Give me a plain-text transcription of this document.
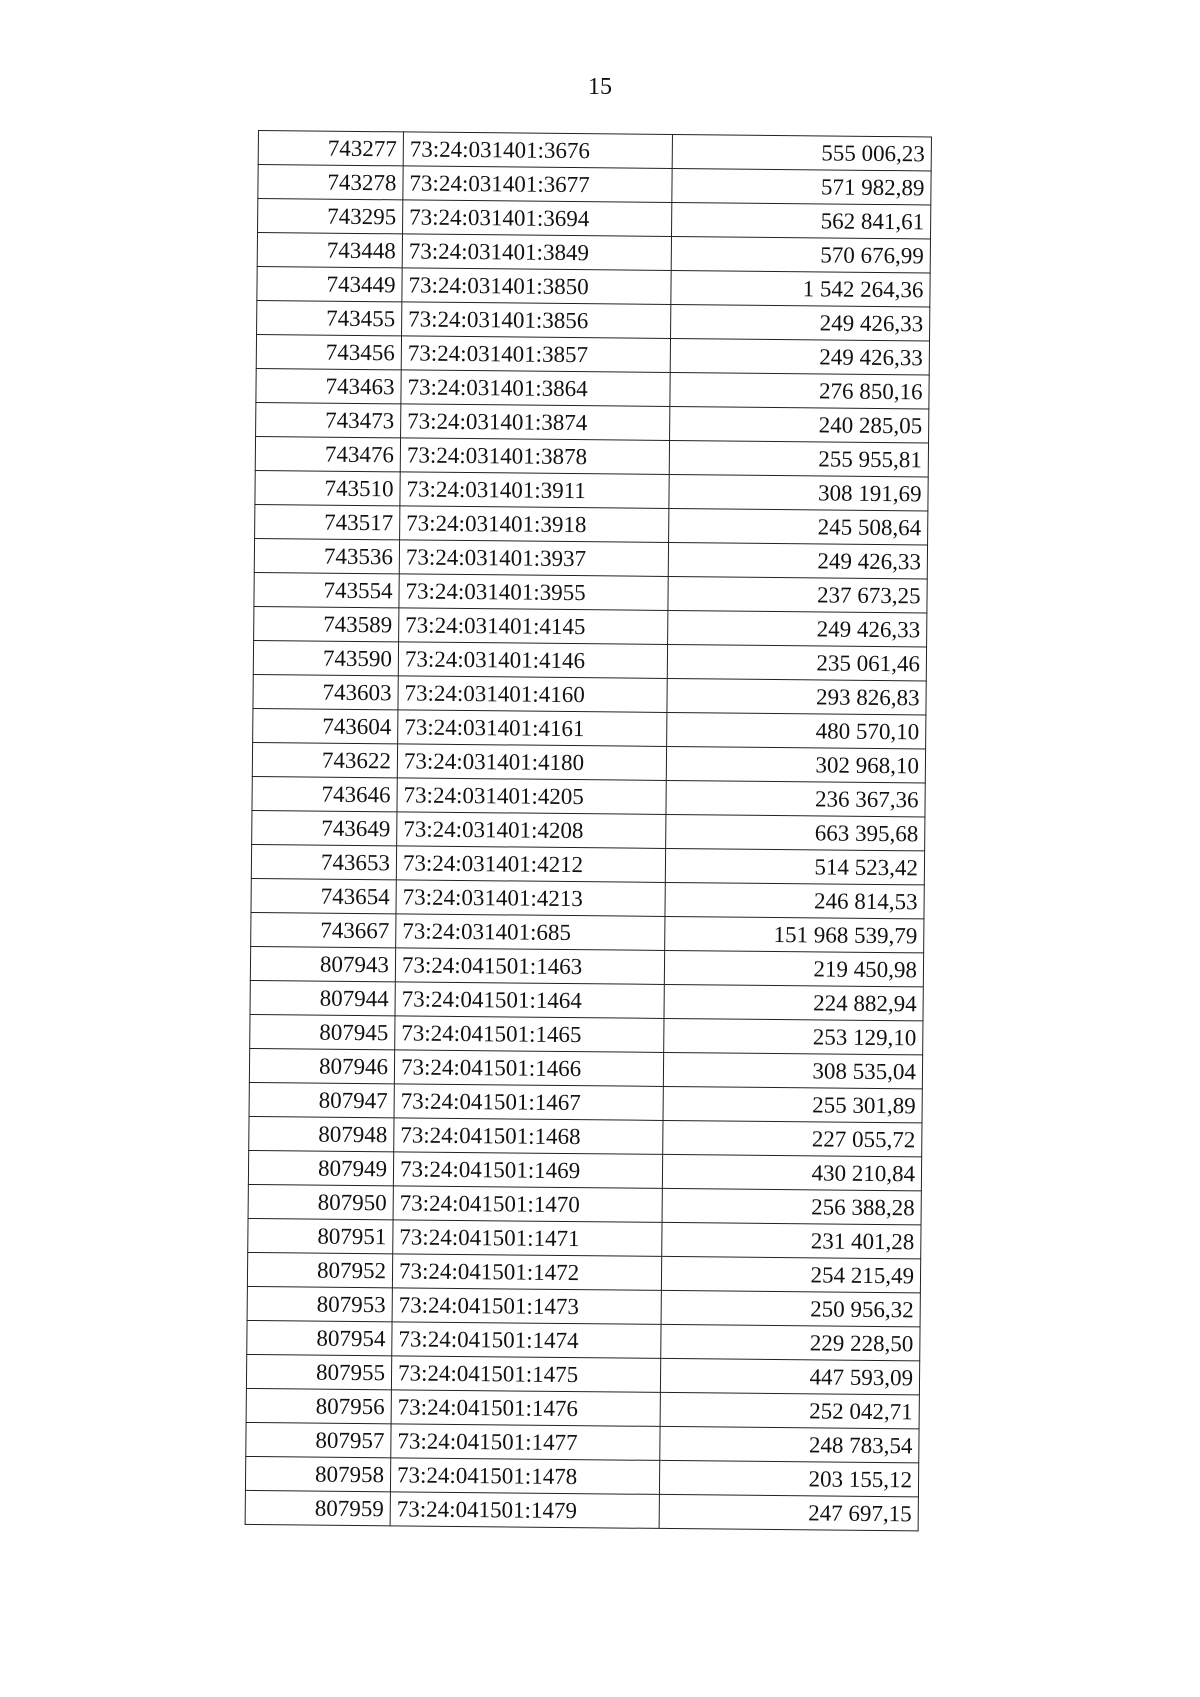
15
743277	73:24:031401:3676	555 006,23
743278	73:24:031401:3677	571 982,89
743295	73:24:031401:3694	562 841,61
743448	73:24:031401:3849	570 676,99
743449	73:24:031401:3850	1 542 264,36
743455	73:24:031401:3856	249 426,33
743456	73:24:031401:3857	249 426,33
743463	73:24:031401:3864	276 850,16
743473	73:24:031401:3874	240 285,05
743476	73:24:031401:3878	255 955,81
743510	73:24:031401:3911	308 191,69
743517	73:24:031401:3918	245 508,64
743536	73:24:031401:3937	249 426,33
743554	73:24:031401:3955	237 673,25
743589	73:24:031401:4145	249 426,33
743590	73:24:031401:4146	235 061,46
743603	73:24:031401:4160	293 826,83
743604	73:24:031401:4161	480 570,10
743622	73:24:031401:4180	302 968,10
743646	73:24:031401:4205	236 367,36
743649	73:24:031401:4208	663 395,68
743653	73:24:031401:4212	514 523,42
743654	73:24:031401:4213	246 814,53
743667	73:24:031401:685	151 968 539,79
807943	73:24:041501:1463	219 450,98
807944	73:24:041501:1464	224 882,94
807945	73:24:041501:1465	253 129,10
807946	73:24:041501:1466	308 535,04
807947	73:24:041501:1467	255 301,89
807948	73:24:041501:1468	227 055,72
807949	73:24:041501:1469	430 210,84
807950	73:24:041501:1470	256 388,28
807951	73:24:041501:1471	231 401,28
807952	73:24:041501:1472	254 215,49
807953	73:24:041501:1473	250 956,32
807954	73:24:041501:1474	229 228,50
807955	73:24:041501:1475	447 593,09
807956	73:24:041501:1476	252 042,71
807957	73:24:041501:1477	248 783,54
807958	73:24:041501:1478	203 155,12
807959	73:24:041501:1479	247 697,15
